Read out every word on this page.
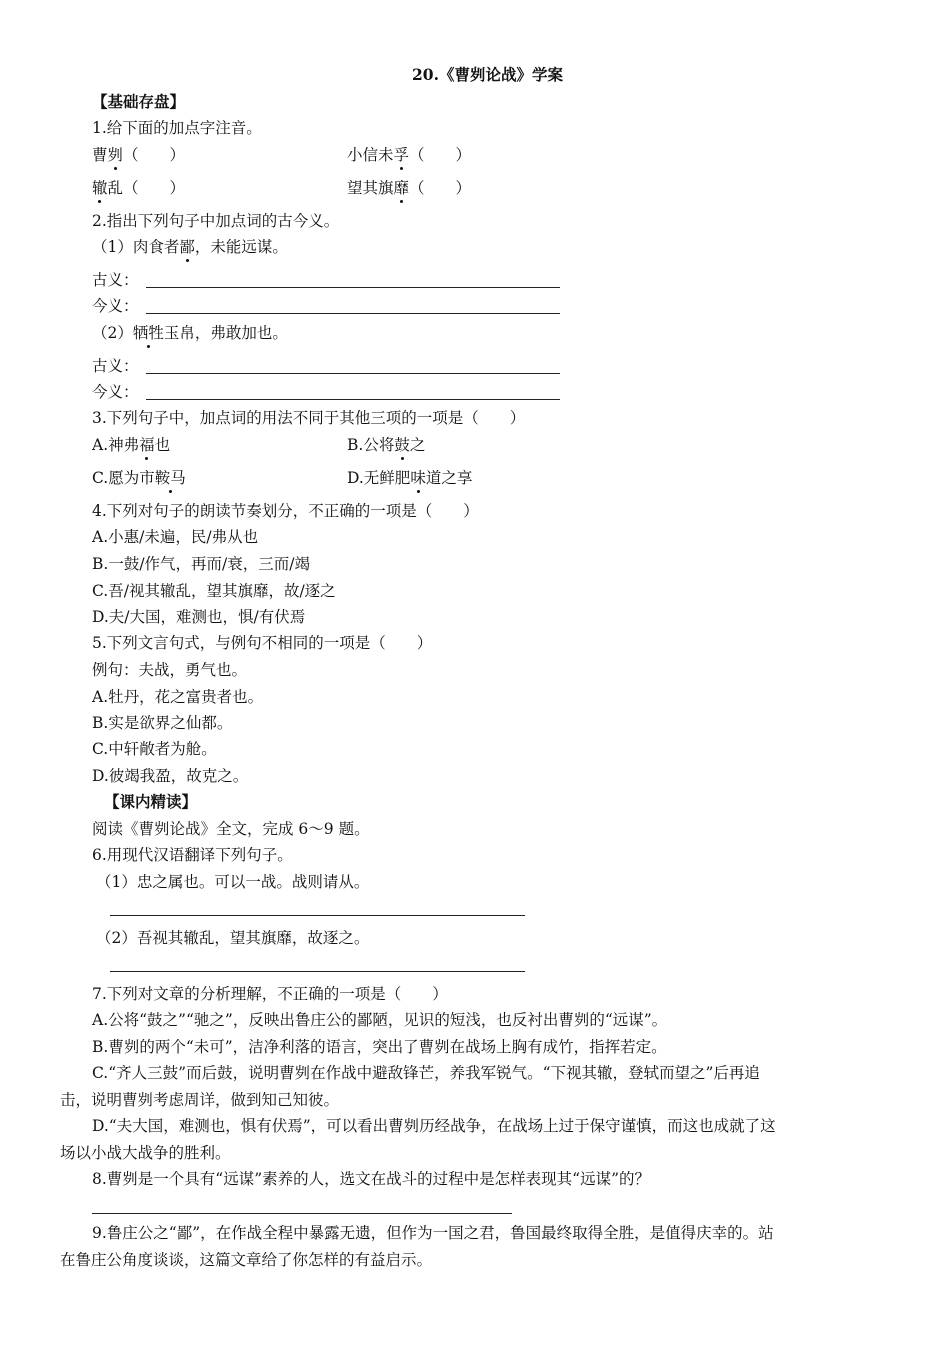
20.《曹刿论战》学案
【基础存盘】
1.给下面的加点字注音。
曹刿（　　）	小信未孚（　　）
辙乱（　　）	望其旗靡（　　）
2.指出下列句子中加点词的古今义。
（1）肉食者鄙，未能远谋。
古义：
今义：
（2）牺牲玉帛，弗敢加也。
古义：
今义：
3.下列句子中，加点词的用法不同于其他三项的一项是（　　）
A.神弗福也	B.公将鼓之
C.愿为市鞍马	D.无鲜肥味道之享
4.下列对句子的朗读节奏划分，不正确的一项是（　　）
A.小惠/未遍，民/弗从也
B.一鼓/作气，再而/衰，三而/竭
C.吾/视其辙乱，望其旗靡，故/逐之
D.夫/大国，难测也，惧/有伏焉
5.下列文言句式，与例句不相同的一项是（　　）
例句：夫战，勇气也。
A.牡丹，花之富贵者也。
B.实是欲界之仙都。
C.中轩敞者为舱。
D.彼竭我盈，故克之。
【课内精读】
阅读《曹刿论战》全文，完成 6～9 题。
6.用现代汉语翻译下列句子。
（1）忠之属也。可以一战。战则请从。
（2）吾视其辙乱，望其旗靡，故逐之。
7.下列对文章的分析理解，不正确的一项是（　　）
A.公将“鼓之”“驰之”，反映出鲁庄公的鄙陋，见识的短浅，也反衬出曹刿的“远谋”。
B.曹刿的两个“未可”，洁净利落的语言，突出了曹刿在战场上胸有成竹，指挥若定。
C.“齐人三鼓”而后鼓，说明曹刿在作战中避敌锋芒，养我军锐气。“下视其辙，登轼而望之”后再追
击，说明曹刿考虑周详，做到知己知彼。
D.“夫大国，难测也，惧有伏焉”，可以看出曹刿历经战争，在战场上过于保守谨慎，而这也成就了这
场以小战大战争的胜利。
8.曹刿是一个具有“远谋”素养的人，选文在战斗的过程中是怎样表现其“远谋”的？
9.鲁庄公之“鄙”，在作战全程中暴露无遗，但作为一国之君，鲁国最终取得全胜，是值得庆幸的。站
在鲁庄公角度谈谈，这篇文章给了你怎样的有益启示。
